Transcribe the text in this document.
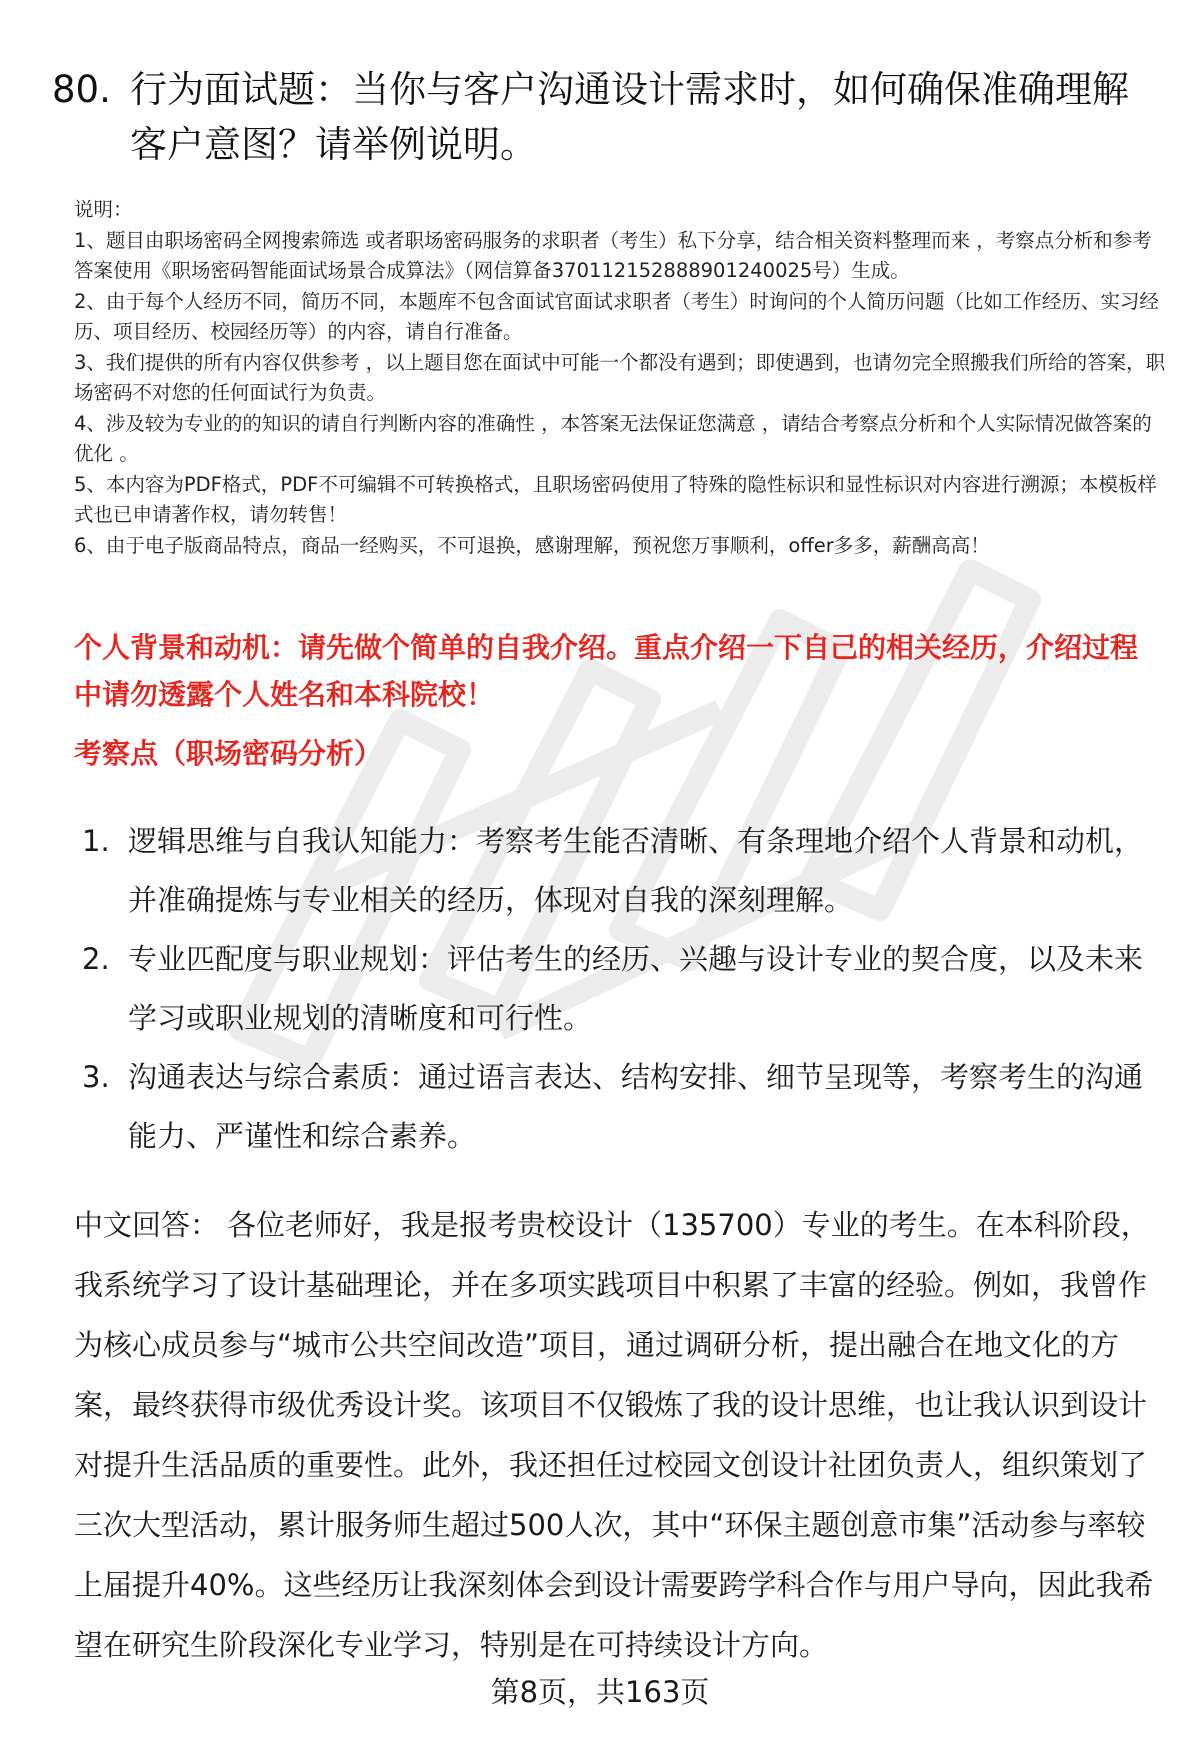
80. 行为面试题：当你与客户沟通设计需求时，如何确保准确理解客户意图？请举例说明。

说明：

1、题目由职场密码全网搜索筛选 或者职场密码服务的求职者（考生）私下分享，结合相关资料整理而来 ，考察点分析和参考答案使用《职场密码智能面试场景合成算法》（网信算备370112152888901240025号）生成。

2、由于每个人经历不同，简历不同，本题库不包含面试官面试求职者（考生）时询问的个人简历问题（比如工作经历、实习经历、项目经历、校园经历等）的内容，请自行准备。

3、我们提供的所有内容仅供参考 ，以上题目您在面试中可能一个都没有遇到；即使遇到，也请勿完全照搬我们所给的答案，职场密码不对您的任何面试行为负责。

4、涉及较为专业的的知识的请自行判断内容的准确性 ，本答案无法保证您满意 ，请结合考察点分析和个人实际情况做答案的优化 。

5、本内容为PDF格式，PDF不可编辑不可转换格式，且职场密码使用了特殊的隐性标识和显性标识对内容进行溯源；本模板样式也已申请著作权，请勿转售！

6、由于电子版商品特点，商品一经购买，不可退换，感谢理解，预祝您万事顺利，offer多多，薪酬高高！

个人背景和动机：请先做个简单的自我介绍。重点介绍一下自己的相关经历，介绍过程中请勿透露个人姓名和本科院校！
考察点（职场密码分析）
1. 逻辑思维与自我认知能力：考察考生能否清晰、有条理地介绍个人背景和动机，并准确提炼与专业相关的经历，体现对自我的深刻理解。
2. 专业匹配度与职业规划：评估考生的经历、兴趣与设计专业的契合度，以及未来学习或职业规划的清晰度和可行性。
3. 沟通表达与综合素质：通过语言表达、结构安排、细节呈现等，考察考生的沟通能力、严谨性和综合素养。
中文回答： 各位老师好，我是报考贵校设计（135700）专业的考生。在本科阶段，我系统学习了设计基础理论，并在多项实践项目中积累了丰富的经验。例如，我曾作为核心成员参与“城市公共空间改造”项目，通过调研分析，提出融合在地文化的方案，最终获得市级优秀设计奖。该项目不仅锻炼了我的设计思维，也让我认识到设计对提升生活品质的重要性。此外，我还担任过校园文创设计社团负责人，组织策划了三次大型活动，累计服务师生超过500人次，其中“环保主题创意市集”活动参与率较上届提升40%。这些经历让我深刻体会到设计需要跨学科合作与用户导向，因此我希望在研究生阶段深化专业学习，特别是在可持续设计方向。
第8页，共163页
